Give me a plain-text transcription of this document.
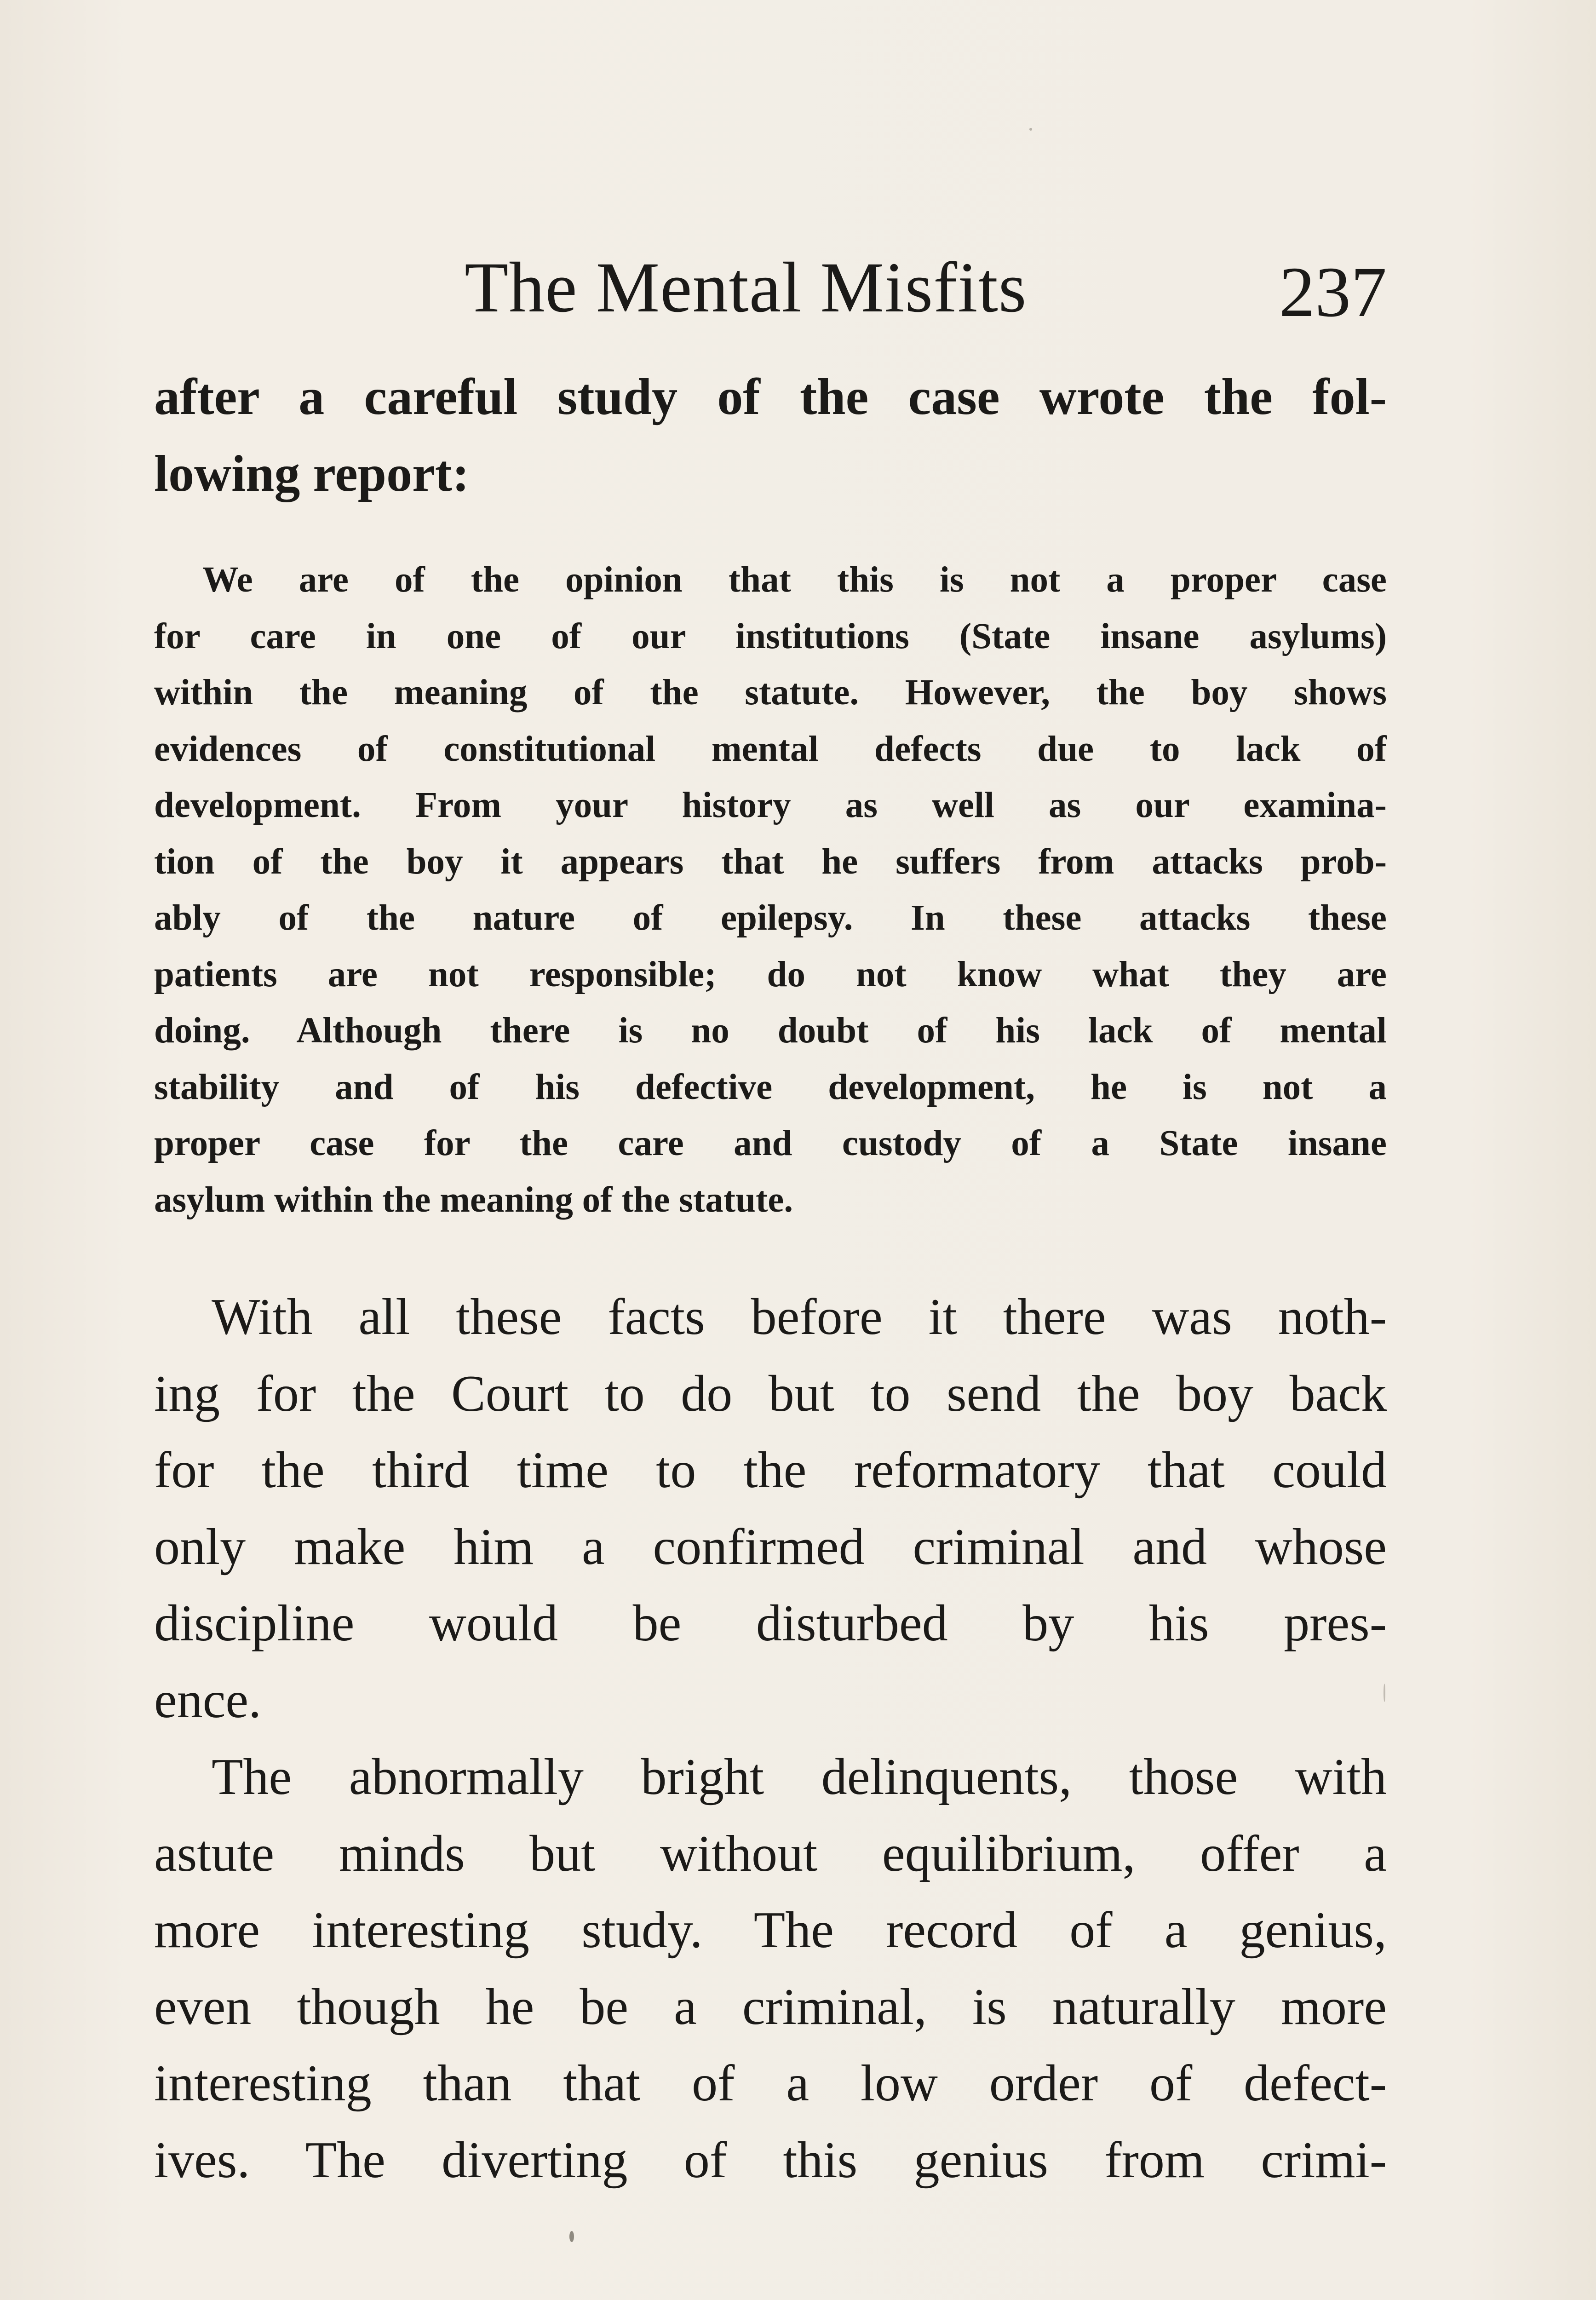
The Mental Misfits	237
after a careful study of the case wrote the fol-
lowing report:
We are of the opinion that this is not a proper case
for care in one of our institutions (State insane asylums)
within the meaning of the statute. However, the boy shows
evidences of constitutional mental defects due to lack of
development. From your history as well as our examina-
tion of the boy it appears that he suffers from attacks prob-
ably of the nature of epilepsy. In these attacks these
patients are not responsible; do not know what they are
doing. Although there is no doubt of his lack of mental
stability and of his defective development, he is not a
proper case for the care and custody of a State insane
asylum within the meaning of the statute.
With all these facts before it there was noth-
ing for the Court to do but to send the boy back
for the third time to the reformatory that could
only make him a confirmed criminal and whose
discipline would be disturbed by his pres-
ence.
The abnormally bright delinquents, those with
astute minds but without equilibrium, offer a
more interesting study. The record of a genius,
even though he be a criminal, is naturally more
interesting than that of a low order of defect-
ives. The diverting of this genius from crimi-
